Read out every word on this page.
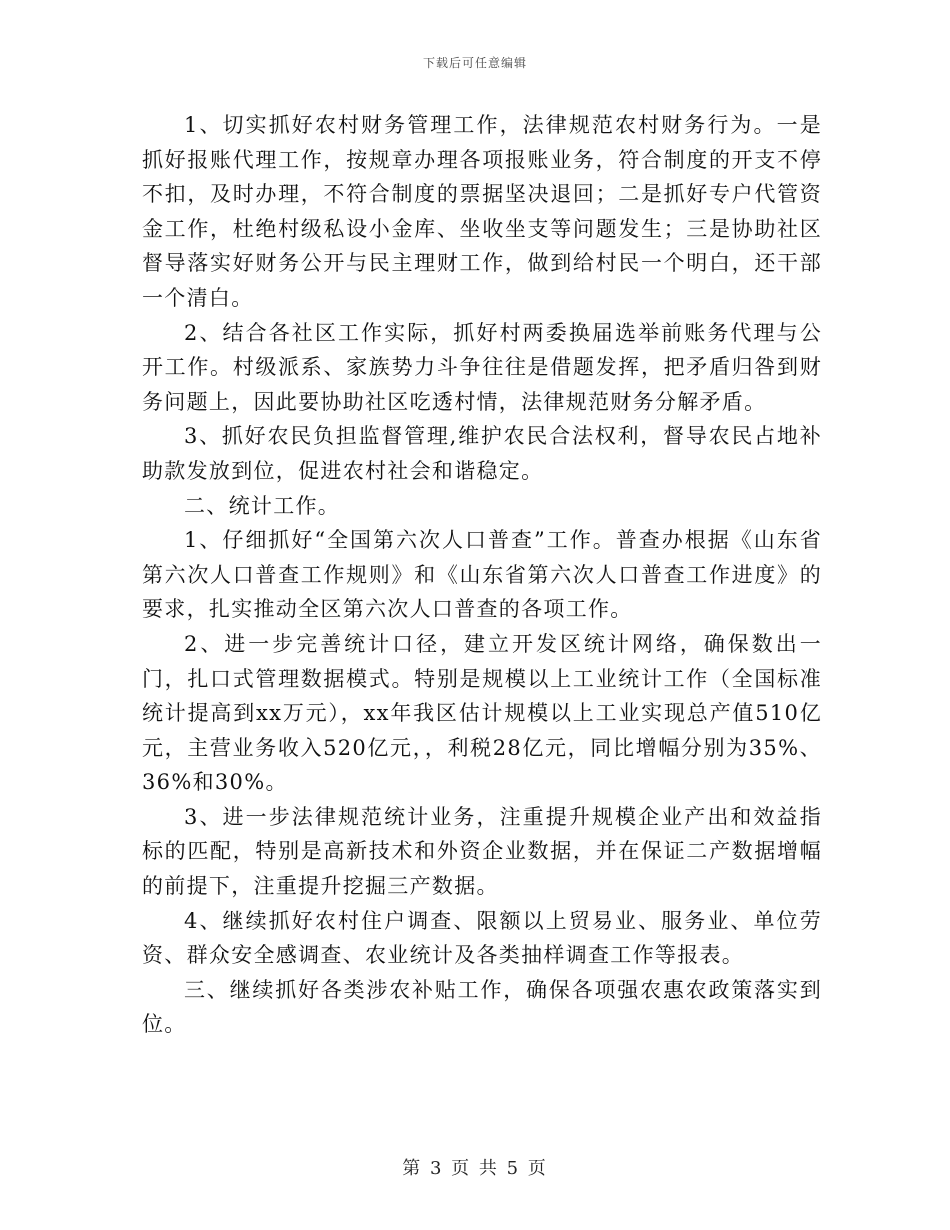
下载后可任意编辑

1、切实抓好农村财务管理工作，法律规范农村财务行为。一是抓好报账代理工作，按规章办理各项报账业务，符合制度的开支不停不扣，及时办理，不符合制度的票据坚决退回；二是抓好专户代管资金工作，杜绝村级私设小金库、坐收坐支等问题发生；三是协助社区督导落实好财务公开与民主理财工作，做到给村民一个明白，还干部一个清白。

2、结合各社区工作实际，抓好村两委换届选举前账务代理与公开工作。村级派系、家族势力斗争往往是借题发挥，把矛盾归咎到财务问题上，因此要协助社区吃透村情，法律规范财务分解矛盾。

3、抓好农民负担监督管理,维护农民合法权利，督导农民占地补助款发放到位，促进农村社会和谐稳定。

二、统计工作。

1、仔细抓好“全国第六次人口普查”工作。普查办根据《山东省第六次人口普查工作规则》和《山东省第六次人口普查工作进度》的要求，扎实推动全区第六次人口普查的各项工作。

2、进一步完善统计口径，建立开发区统计网络，确保数出一门，扎口式管理数据模式。特别是规模以上工业统计工作（全国标准统计提高到xx万元），xx年我区估计规模以上工业实现总产值510亿元，主营业务收入520亿元，，利税28亿元，同比增幅分别为35%、36%和30%。

3、进一步法律规范统计业务，注重提升规模企业产出和效益指标的匹配，特别是高新技术和外资企业数据，并在保证二产数据增幅的前提下，注重提升挖掘三产数据。

4、继续抓好农村住户调查、限额以上贸易业、服务业、单位劳资、群众安全感调查、农业统计及各类抽样调查工作等报表。

三、继续抓好各类涉农补贴工作，确保各项强农惠农政策落实到位。

第 3 页 共 5 页
